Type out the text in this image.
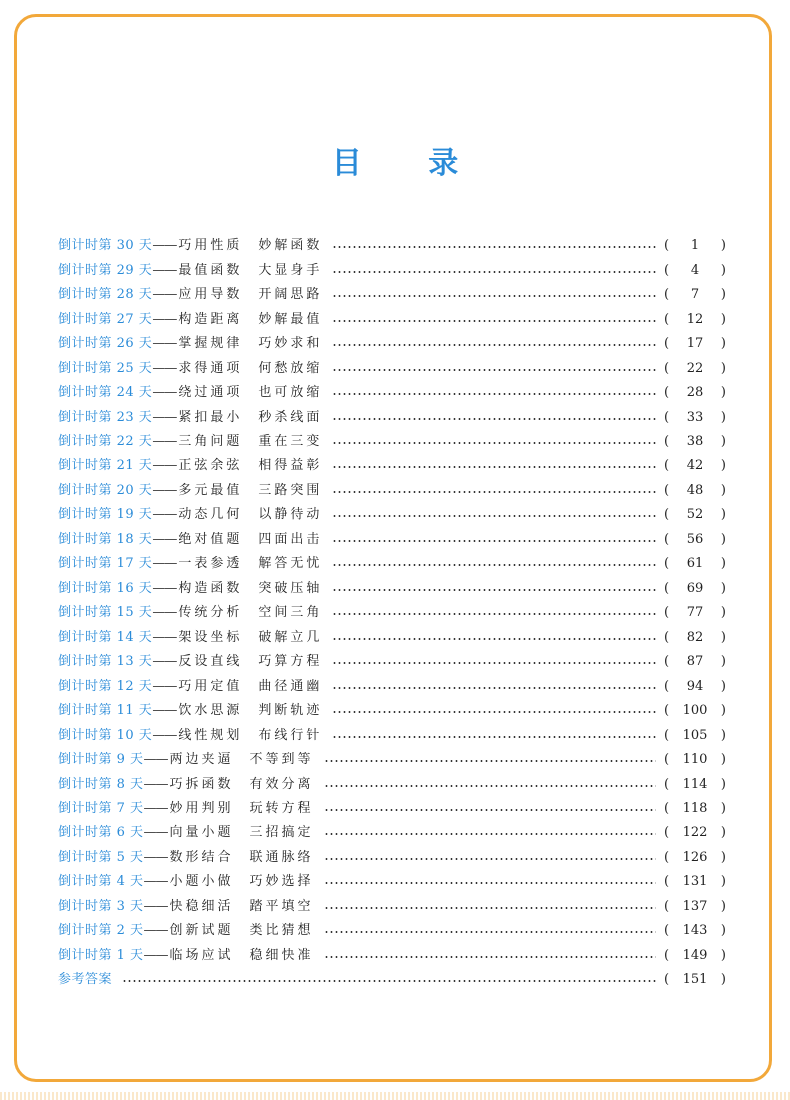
目 录
倒计时第 30 天 —— 巧用性质　妙解函数	(	1	)
倒计时第 29 天 —— 最值函数　大显身手	(	4	)
倒计时第 28 天 —— 应用导数　开阔思路	(	7	)
倒计时第 27 天 —— 构造距离　妙解最值	(	12	)
倒计时第 26 天 —— 掌握规律　巧妙求和	(	17	)
倒计时第 25 天 —— 求得通项　何愁放缩	(	22	)
倒计时第 24 天 —— 绕过通项　也可放缩	(	28	)
倒计时第 23 天 —— 紧扣最小　秒杀线面	(	33	)
倒计时第 22 天 —— 三角问题　重在三变	(	38	)
倒计时第 21 天 —— 正弦余弦　相得益彰	(	42	)
倒计时第 20 天 —— 多元最值　三路突围	(	48	)
倒计时第 19 天 —— 动态几何　以静待动	(	52	)
倒计时第 18 天 —— 绝对值题　四面出击	(	56	)
倒计时第 17 天 —— 一表参透　解答无忧	(	61	)
倒计时第 16 天 —— 构造函数　突破压轴	(	69	)
倒计时第 15 天 —— 传统分析　空间三角	(	77	)
倒计时第 14 天 —— 架设坐标　破解立几	(	82	)
倒计时第 13 天 —— 反设直线　巧算方程	(	87	)
倒计时第 12 天 —— 巧用定值　曲径通幽	(	94	)
倒计时第 11 天 —— 饮水思源　判断轨迹	(	100	)
倒计时第 10 天 —— 线性规划　布线行针	(	105	)
倒计时第 9 天 —— 两边夹逼　不等到等	(	110	)
倒计时第 8 天 —— 巧拆函数　有效分离	(	114	)
倒计时第 7 天 —— 妙用判别　玩转方程	(	118	)
倒计时第 6 天 —— 向量小题　三招搞定	(	122	)
倒计时第 5 天 —— 数形结合　联通脉络	(	126	)
倒计时第 4 天 —— 小题小做　巧妙选择	(	131	)
倒计时第 3 天 —— 快稳细活　踏平填空	(	137	)
倒计时第 2 天 —— 创新试题　类比猜想	(	143	)
倒计时第 1 天 —— 临场应试　稳细快准	(	149	)
参考答案	(	151	)
